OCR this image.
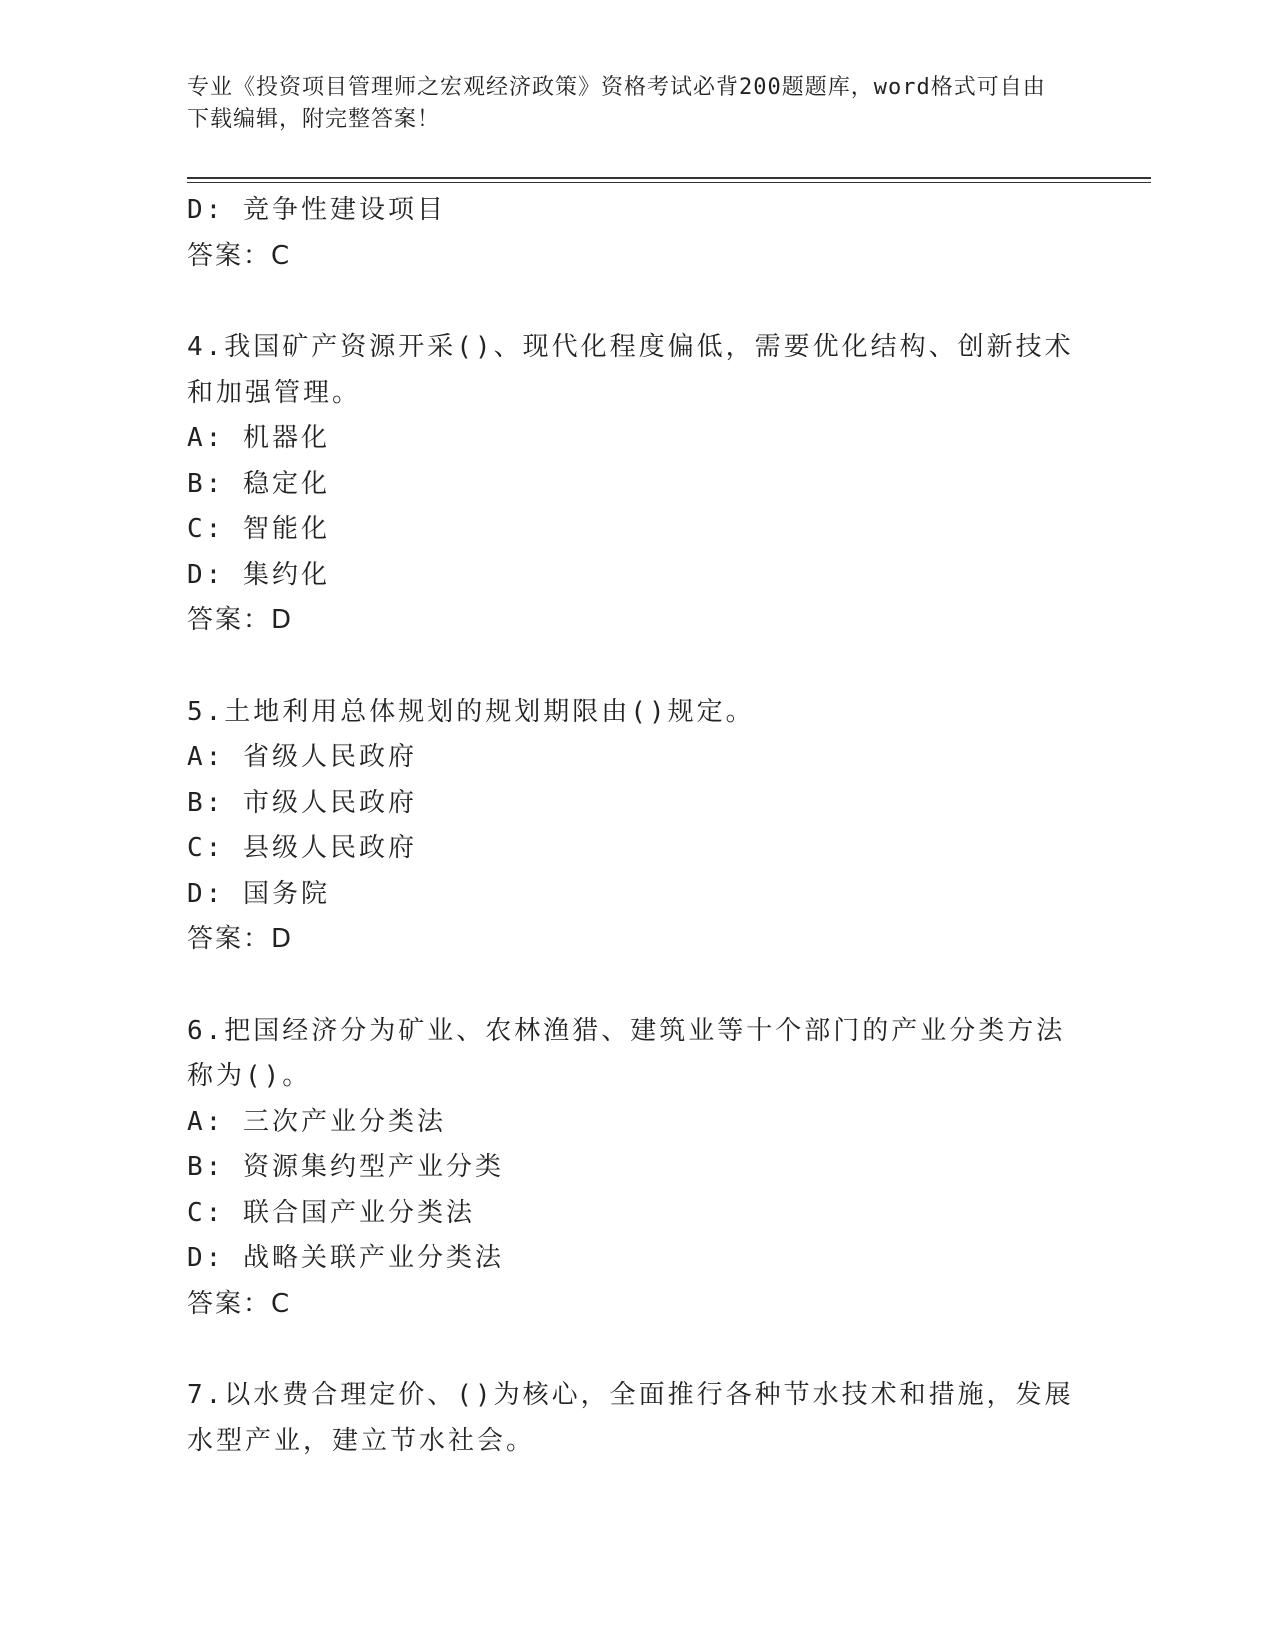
专业《投资项目管理师之宏观经济政策》资格考试必背200题题库，word格式可自由下载编辑，附完整答案！
D: 竞争性建设项目
答案：C
4.我国矿产资源开采()、现代化程度偏低，需要优化结构、创新技术
和加强管理。
A: 机器化
B: 稳定化
C: 智能化
D: 集约化
答案：D
5.土地利用总体规划的规划期限由()规定。
A: 省级人民政府
B: 市级人民政府
C: 县级人民政府
D: 国务院
答案：D
6.把国经济分为矿业、农林渔猎、建筑业等十个部门的产业分类方法
称为()。
A: 三次产业分类法
B: 资源集约型产业分类
C: 联合国产业分类法
D: 战略关联产业分类法
答案：C
7.以水费合理定价、()为核心，全面推行各种节水技术和措施，发展
水型产业，建立节水社会。
